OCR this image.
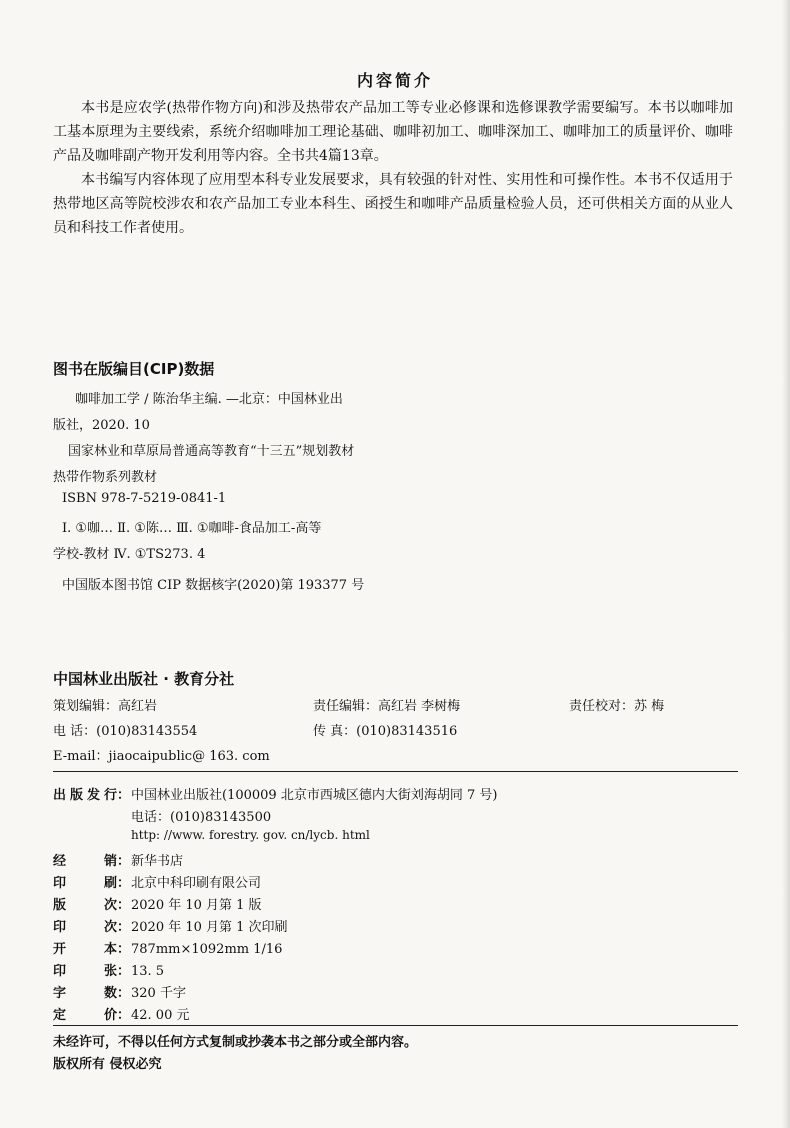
内容简介

本书是应农学(热带作物方向)和涉及热带农产品加工等专业必修课和选修课教学需要编写。本书以咖啡加工基本原理为主要线索，系统介绍咖啡加工理论基础、咖啡初加工、咖啡深加工、咖啡加工的质量评价、咖啡产品及咖啡副产物开发利用等内容。全书共4篇13章。

本书编写内容体现了应用型本科专业发展要求，具有较强的针对性、实用性和可操作性。本书不仅适用于热带地区高等院校涉农和农产品加工专业本科生、函授生和咖啡产品质量检验人员，还可供相关方面的从业人员和科技工作者使用。

图书在版编目(CIP)数据
咖啡加工学 / 陈治华主编. —北京：中国林业出
版社，2020. 10
国家林业和草原局普通高等教育“十三五”规划教材
热带作物系列教材
ISBN 978-7-5219-0841-1
Ⅰ. ①咖… Ⅱ. ①陈… Ⅲ. ①咖啡-食品加工-高等
学校-教材 Ⅳ. ①TS273. 4
中国版本图书馆 CIP 数据核字(2020)第 193377 号
中国林业出版社 · 教育分社
策划编辑：高红岩	责任编辑：高红岩 李树梅	责任校对：苏 梅
电 话：(010)83143554	传 真：(010)83143516
E-mail：jiaocaipublic@ 163. com
出版发行：中国林业出版社(100009 北京市西城区德内大街刘海胡同 7 号)
电话：(010)83143500
http: //www. forestry. gov. cn/lycb. html
经销：新华书店
印刷：北京中科印刷有限公司
版次：2020 年 10 月第 1 版
印次：2020 年 10 月第 1 次印刷
开本：787mm×1092mm 1/16
印张：13. 5
字数：320 千字
定价：42. 00 元
未经许可，不得以任何方式复制或抄袭本书之部分或全部内容。
版权所有 侵权必究
